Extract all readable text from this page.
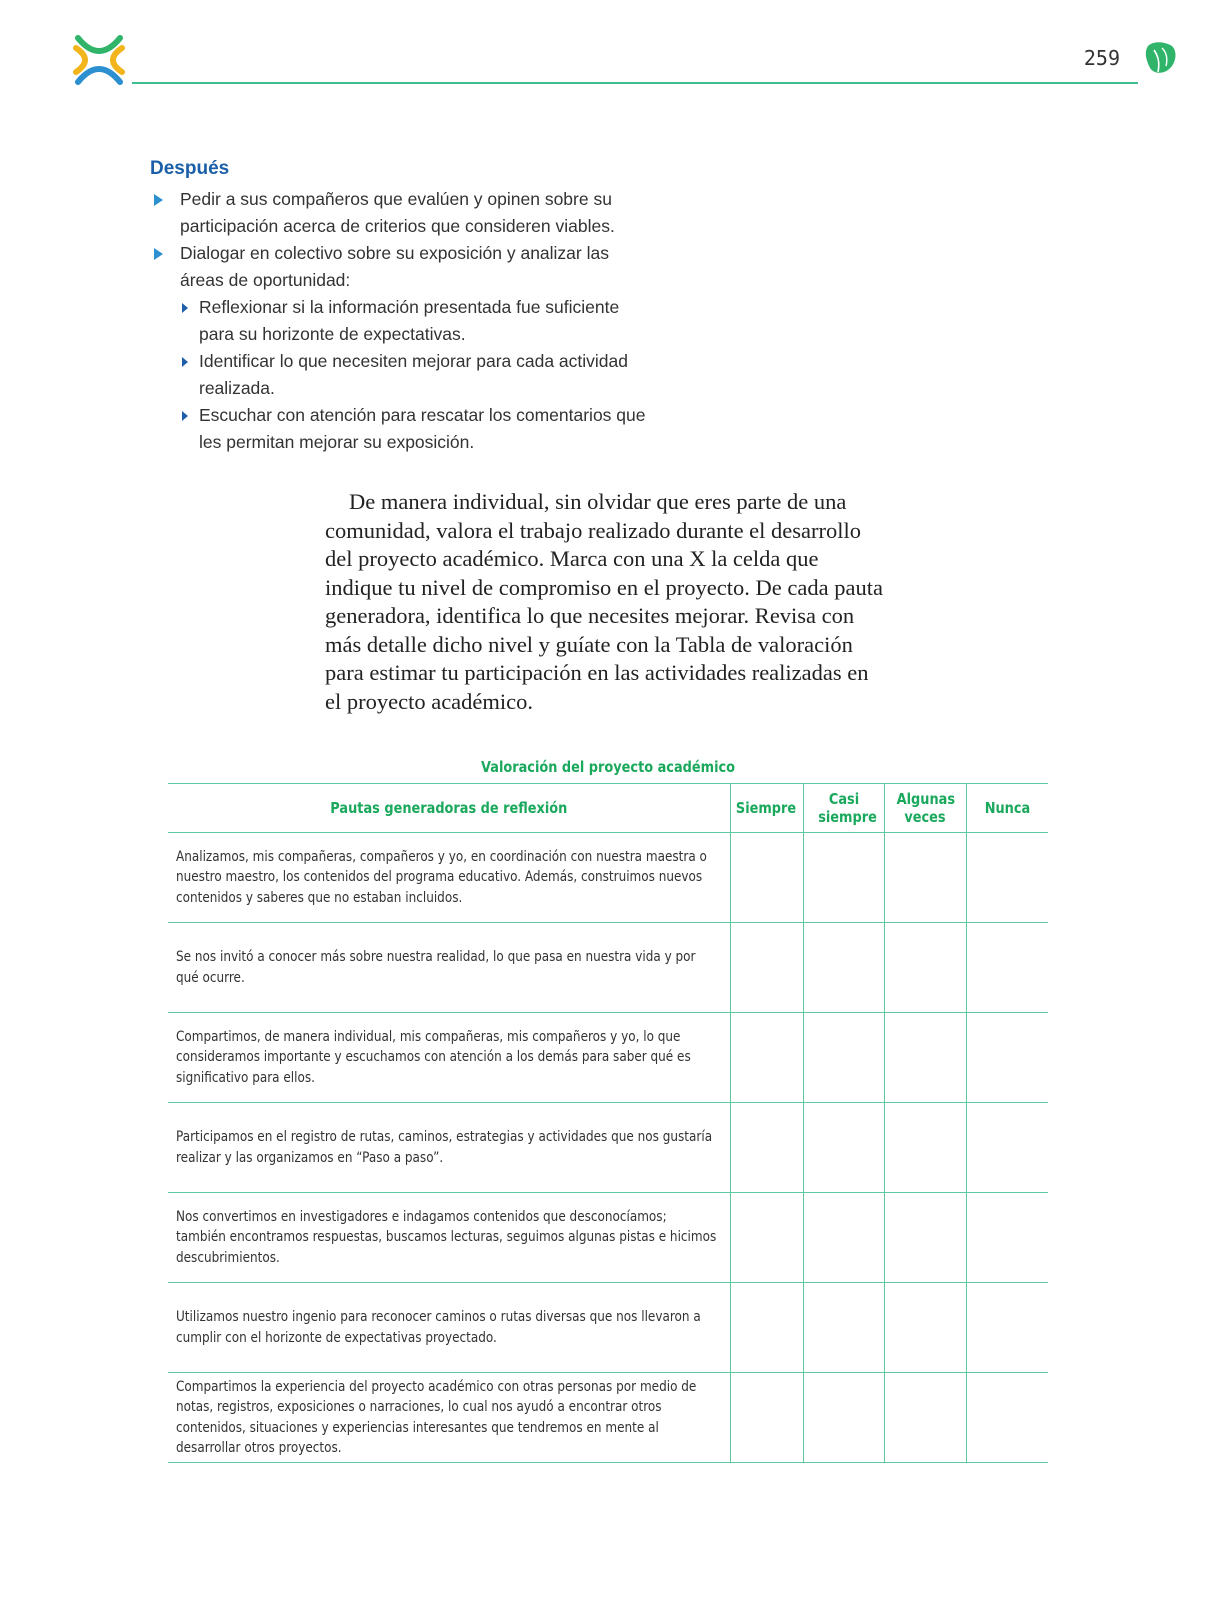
259
Después
Pedir a sus compañeros que evalúen y opinen sobre su participación acerca de criterios que consideren viables.
Dialogar en colectivo sobre su exposición y analizar las áreas de oportunidad:
Reflexionar si la información presentada fue suficiente para su horizonte de expectativas.
Identificar lo que necesiten mejorar para cada actividad realizada.
Escuchar con atención para rescatar los comentarios que les permitan mejorar su exposición.
De manera individual, sin olvidar que eres parte de una comunidad, valora el trabajo realizado durante el desarrollo del proyecto académico. Marca con una X la celda que indique tu nivel de compromiso en el proyecto. De cada pauta generadora, identifica lo que necesites mejorar. Revisa con más detalle dicho nivel y guíate con la Tabla de valoración para estimar tu participación en las actividades realizadas en el proyecto académico.
Valoración del proyecto académico
Pautas generadoras de reflexión	Siempre	Casi siempre	Algunas veces	Nunca

Analizamos, mis compañeras, compañeros y yo, en coordinación con nuestra maestra o nuestro maestro, los contenidos del programa educativo. Además, construimos nuevos contenidos y saberes que no estaban incluidos.				

Se nos invitó a conocer más sobre nuestra realidad, lo que pasa en nuestra vida y por qué ocurre.				

Compartimos, de manera individual, mis compañeras, mis compañeros y yo, lo que consideramos importante y escuchamos con atención a los demás para saber qué es significativo para ellos.				

Participamos en el registro de rutas, caminos, estrategias y actividades que nos gustaría realizar y las organizamos en “Paso a paso”.				

Nos convertimos en investigadores e indagamos contenidos que desconocíamos; también encontramos respuestas, buscamos lecturas, seguimos algunas pistas e hicimos descubrimientos.				

Utilizamos nuestro ingenio para reconocer caminos o rutas diversas que nos llevaron a cumplir con el horizonte de expectativas proyectado.				

Compartimos la experiencia del proyecto académico con otras personas por medio de notas, registros, exposiciones o narraciones, lo cual nos ayudó a encontrar otros contenidos, situaciones y experiencias interesantes que tendremos en mente al desarrollar otros proyectos.				
